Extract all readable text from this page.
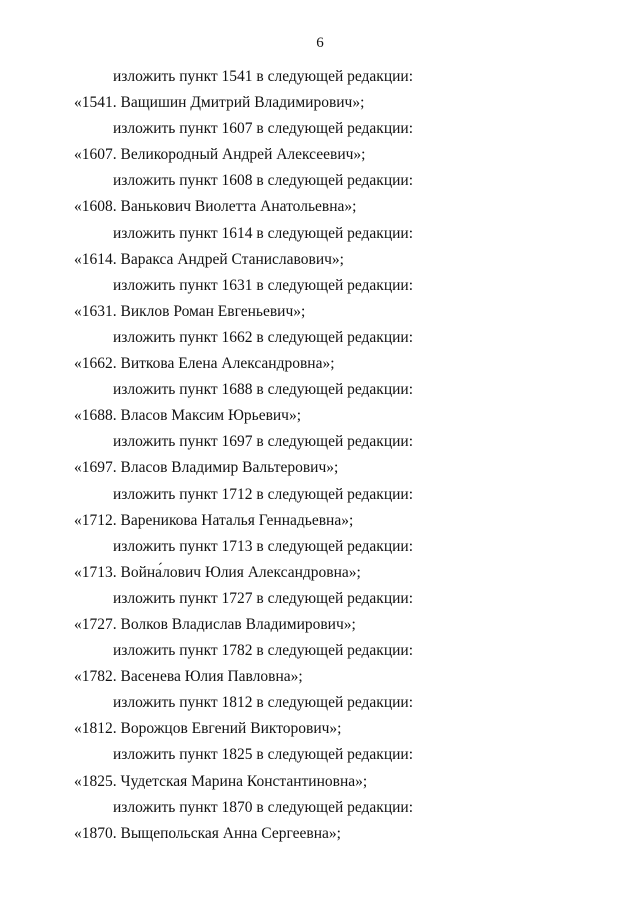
6
изложить пункт 1541 в следующей редакции:
«1541. Ващишин Дмитрий Владимирович»;
изложить пункт 1607 в следующей редакции:
«1607. Великородный Андрей Алексеевич»;
изложить пункт 1608 в следующей редакции:
«1608. Ванькович Виолетта Анатольевна»;
изложить пункт 1614 в следующей редакции:
«1614. Варакса Андрей Станиславович»;
изложить пункт 1631 в следующей редакции:
«1631. Виклов Роман Евгеньевич»;
изложить пункт 1662 в следующей редакции:
«1662. Виткова Елена Александровна»;
изложить пункт 1688 в следующей редакции:
«1688. Власов Максим Юрьевич»;
изложить пункт 1697 в следующей редакции:
«1697. Власов Владимир Вальтерович»;
изложить пункт 1712 в следующей редакции:
«1712. Вареникова Наталья Геннадьевна»;
изложить пункт 1713 в следующей редакции:
«1713. Война́лович Юлия Александровна»;
изложить пункт 1727 в следующей редакции:
«1727. Волков Владислав Владимирович»;
изложить пункт 1782 в следующей редакции:
«1782. Васенева Юлия Павловна»;
изложить пункт 1812 в следующей редакции:
«1812. Ворожцов Евгений Викторович»;
изложить пункт 1825 в следующей редакции:
«1825. Чудетская Марина Константиновна»;
изложить пункт 1870 в следующей редакции:
«1870. Выщепольская Анна Сергеевна»;
